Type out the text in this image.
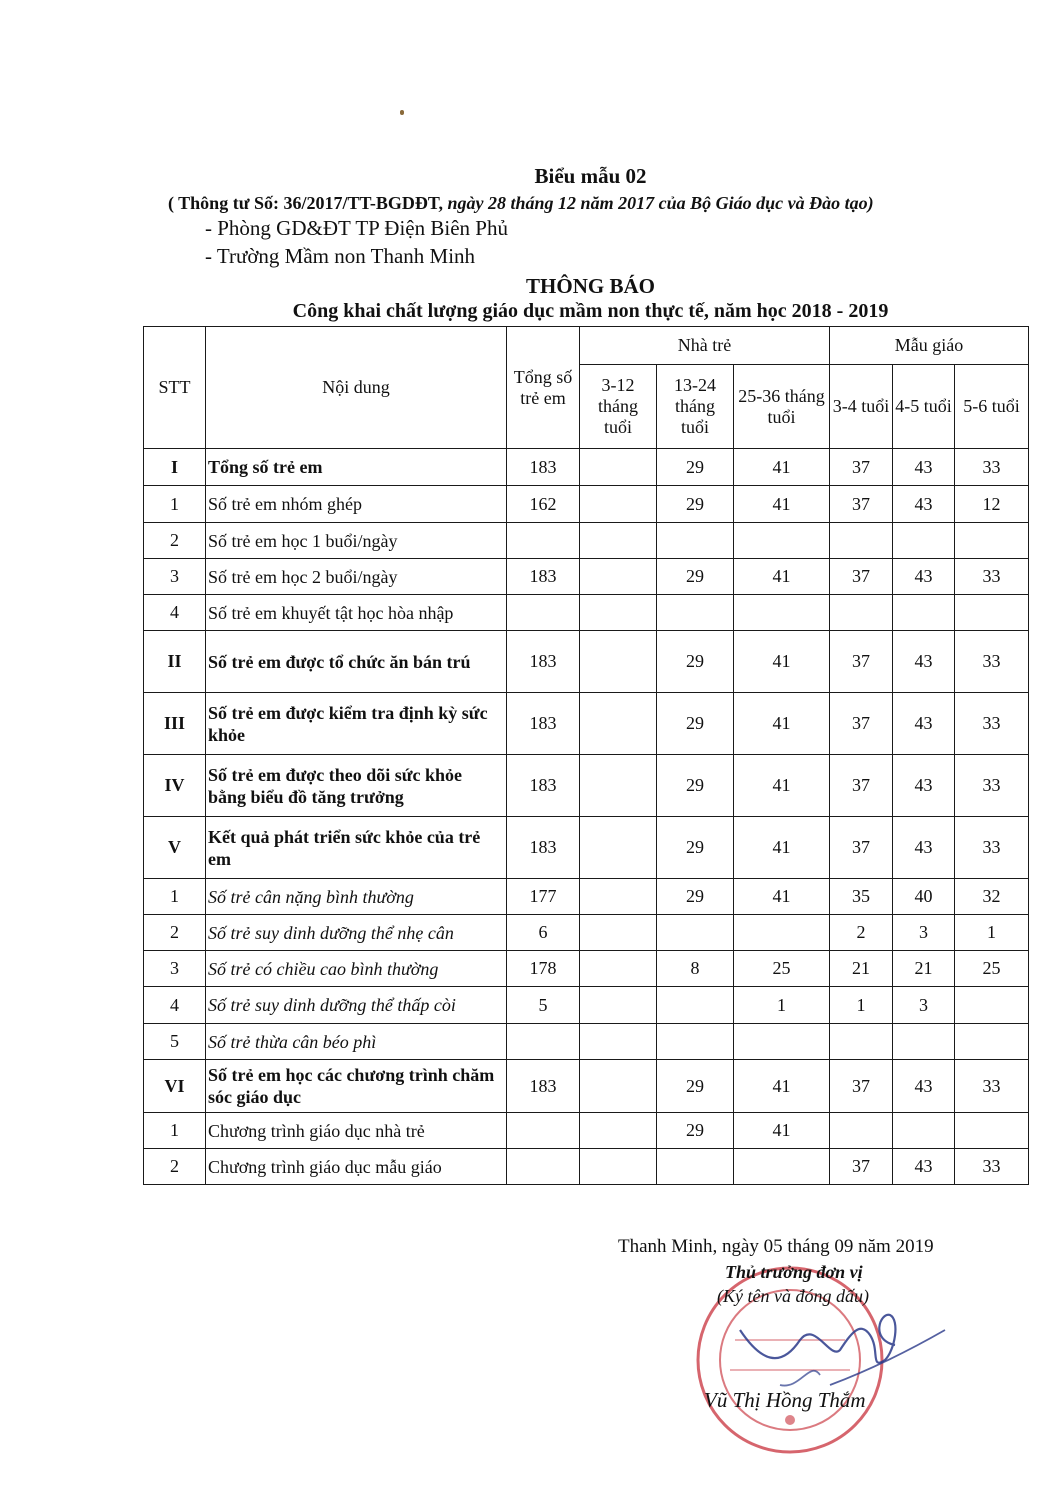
Biểu mẫu 02
( Thông tư Số: 36/2017/TT-BGDĐT, ngày 28 tháng 12 năm 2017 của Bộ Giáo dục và Đào tạo)
- Phòng GD&ĐT TP Điện Biên Phủ
- Trường Mầm non Thanh Minh
THÔNG BÁO
Công khai chất lượng giáo dục mầm non thực tế, năm học 2018 - 2019
STT	Nội dung	Tổng số trẻ em	Nhà trẻ			Mẫu giáo		
			3-12 tháng tuổi	13-24 tháng tuổi	25-36 tháng tuổi	3-4 tuổi	4-5 tuổi	5-6 tuổi
I	Tổng số trẻ em	183		29	41	37	43	33
1	Số trẻ em nhóm ghép	162		29	41	37	43	12
2	Số trẻ em học 1 buổi/ngày							
3	Số trẻ em học 2 buổi/ngày	183		29	41	37	43	33
4	Số trẻ em khuyết tật học hòa nhập							
II	Số trẻ em được tổ chức ăn bán trú	183		29	41	37	43	33
III	Số trẻ em được kiểm tra định kỳ sức khỏe	183		29	41	37	43	33
IV	Số trẻ em được theo dõi sức khỏe bằng biểu đồ tăng trưởng	183		29	41	37	43	33
V	Kết quả phát triển sức khỏe của trẻ em	183		29	41	37	43	33
1	Số trẻ cân nặng bình thường	177		29	41	35	40	32
2	Số trẻ suy dinh dưỡng thể nhẹ cân	6				2	3	1
3	Số trẻ có chiều cao bình thường	178		8	25	21	21	25
4	Số trẻ suy dinh dưỡng thể thấp còi	5			1	1	3	
5	Số trẻ thừa cân béo phì							
VI	Số trẻ em học các chương trình chăm sóc giáo dục	183		29	41	37	43	33
1	Chương trình giáo dục nhà trẻ			29	41			
2	Chương trình giáo dục mẫu giáo					37	43	33
Thanh Minh, ngày 05 tháng 09 năm 2019
Thủ trưởng đơn vị
(Ký tên và đóng dấu)
Vũ Thị Hồng Thắm
